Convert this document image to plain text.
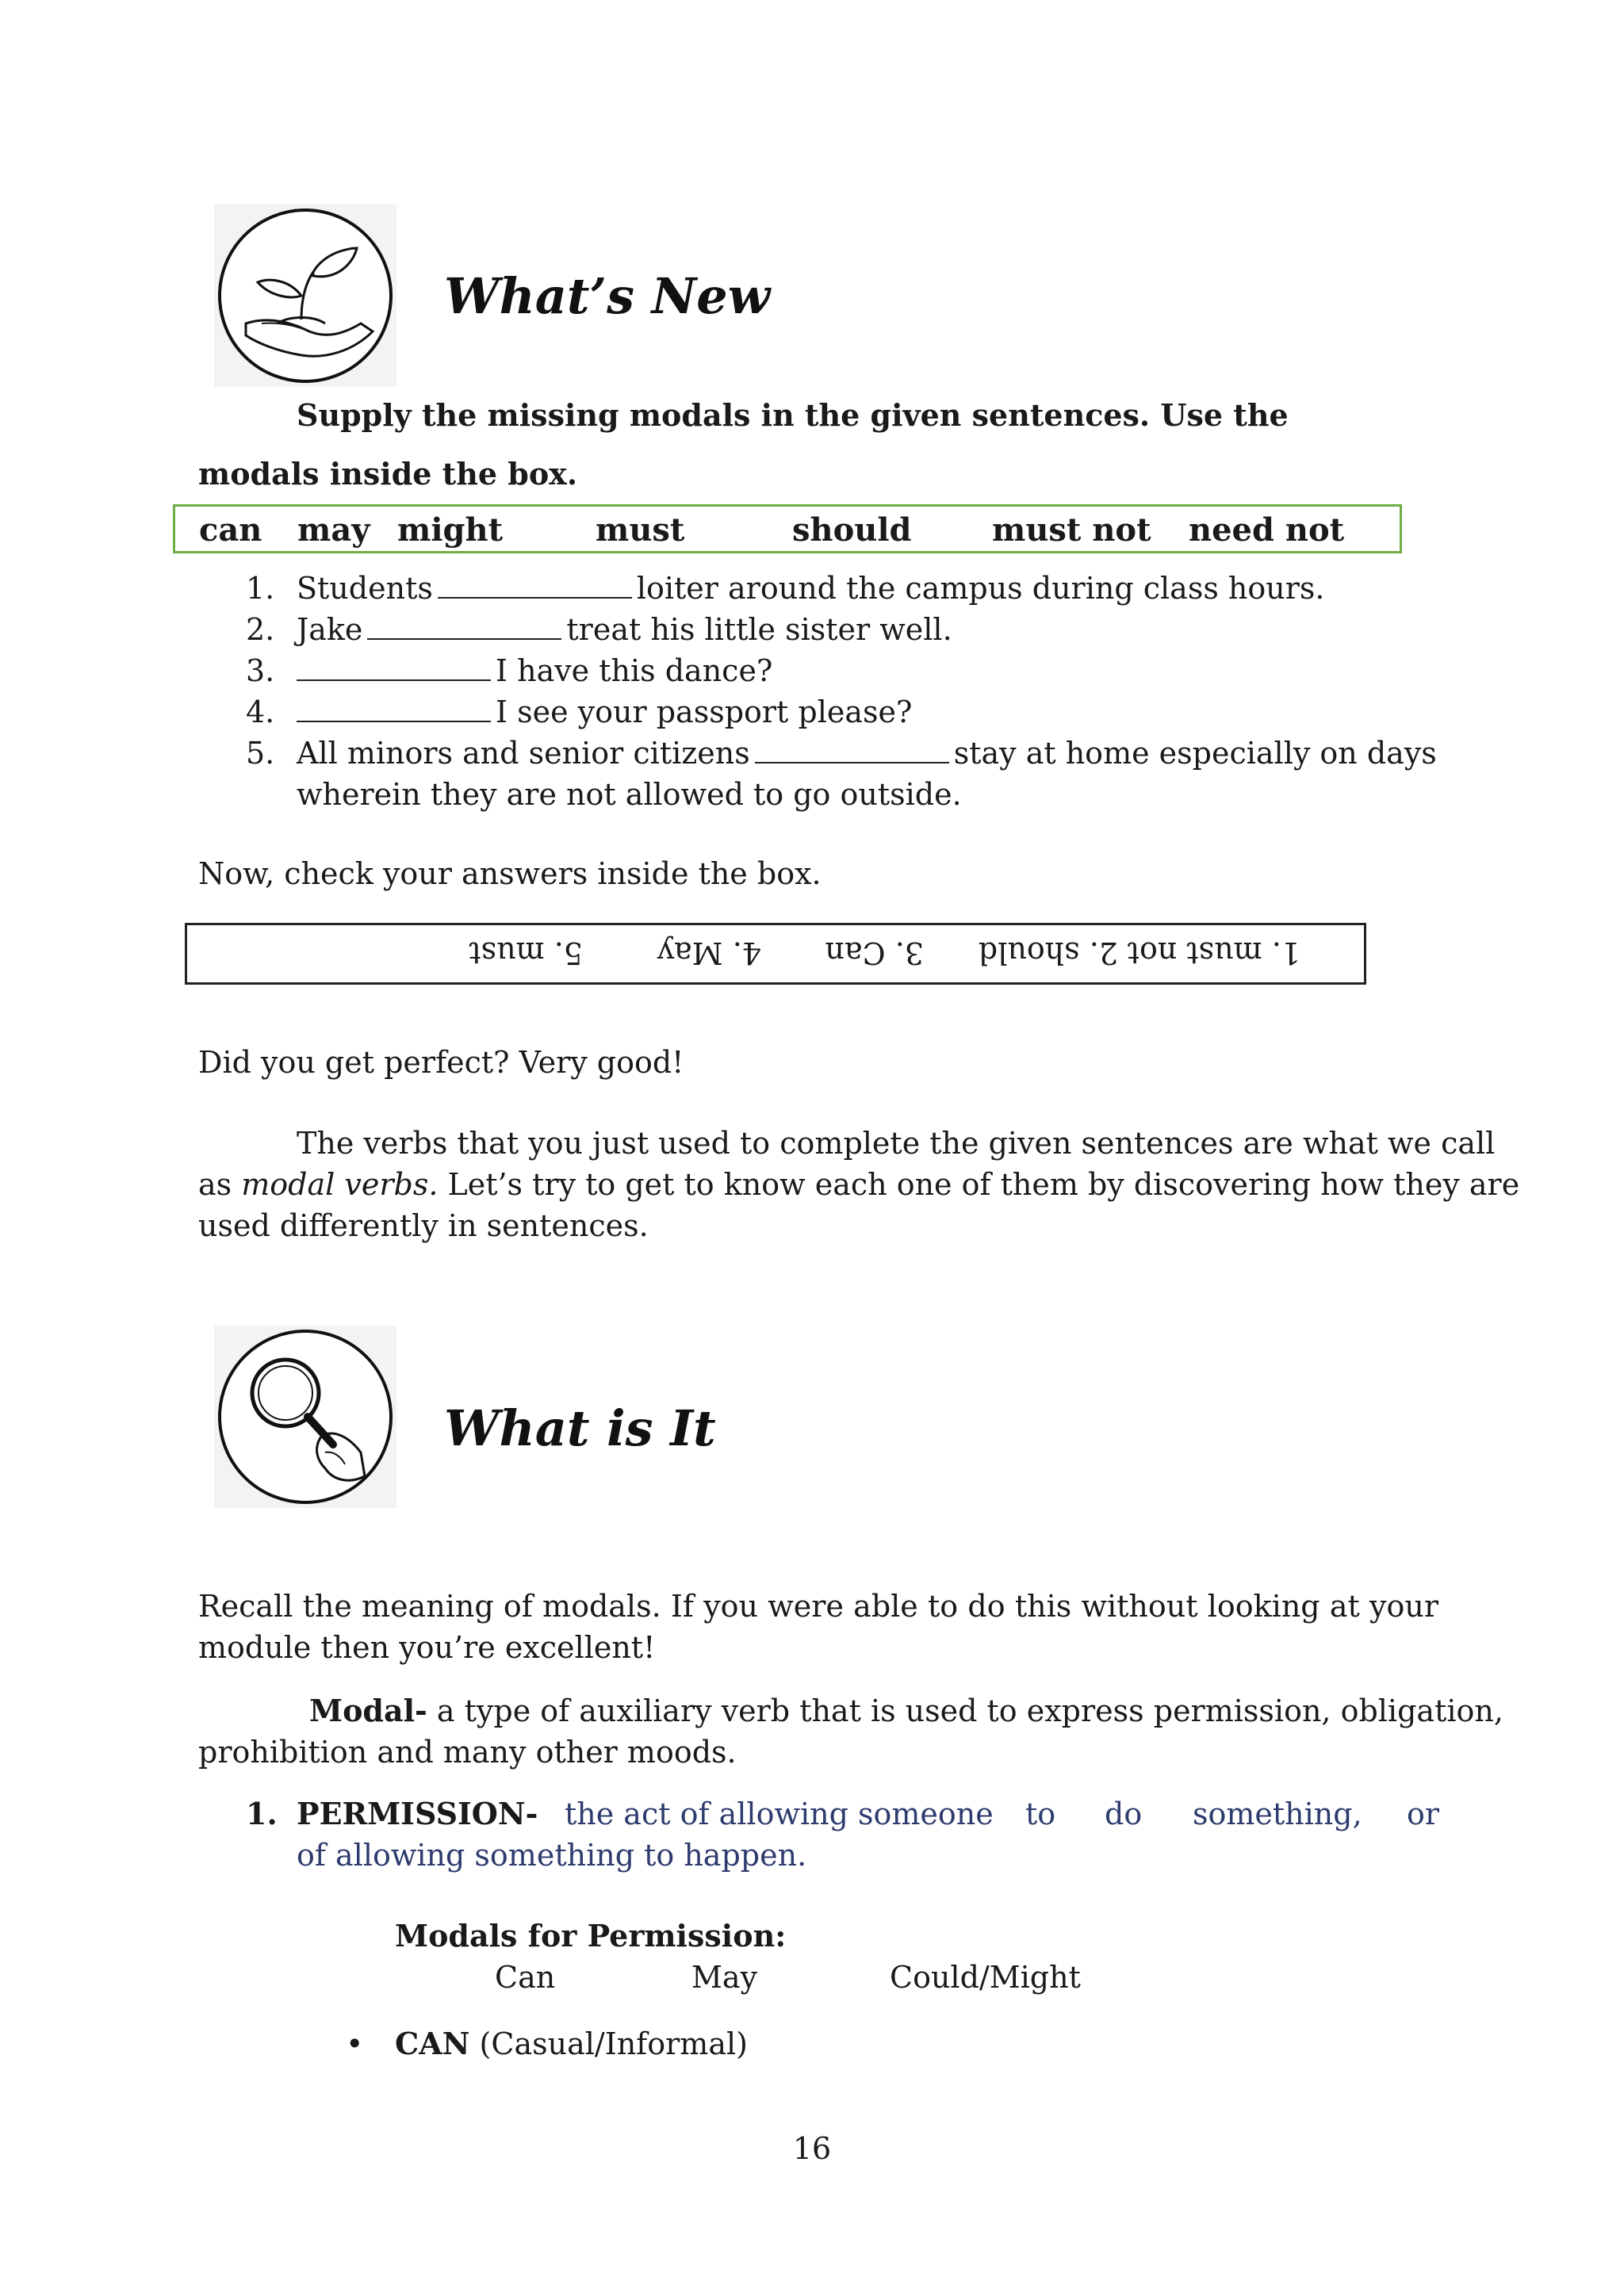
What’s New
Supply the missing modals in the given sentences. Use the
modals inside the box.
can may might	must	should	must not need not
1. Students	loiter around the campus during class hours.
2. Jake	treat his little sister well.
3.	I have this dance?
4.	I see your passport please?
5. All minors and senior citizens	stay at home especially on days
wherein they are not allowed to go outside.
Now, check your answers inside the box.
1. must not
2. should
3. Can
4. May
5. must
Did you get perfect? Very good!
The verbs that you just used to complete the given sentences are what we call
as modal verbs. Let’s try to get to know each one of them by discovering how they are
used differently in sentences.
What is It
Recall the meaning of modals. If you were able to do this without looking at your
module then you’re excellent!
Modal- a type of auxiliary verb that is used to express permission, obligation,
prohibition and many other moods.
1. PERMISSION- the act of allowing someone to do something, or
of allowing something to happen.
Modals for Permission:
Can	May	Could/Might
• CAN (Casual/Informal)
16
